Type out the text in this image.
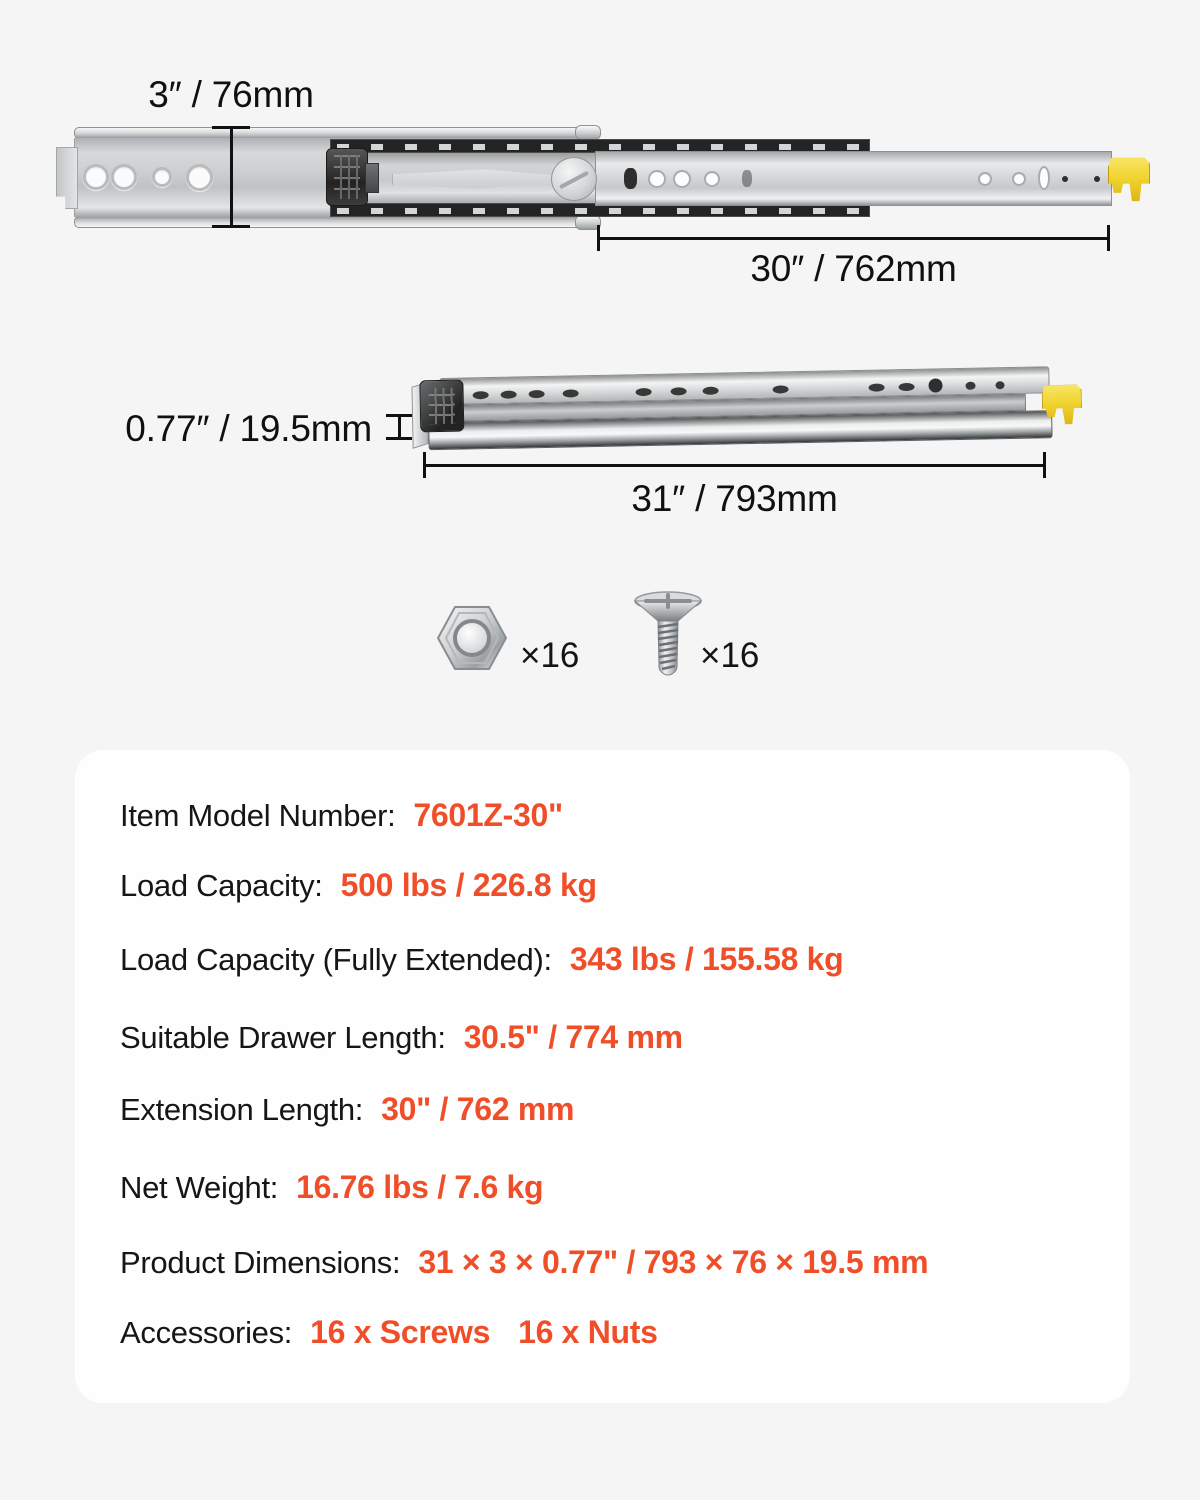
3″ / 76mm
30″ / 762mm
0.77″ / 19.5mm
31″ / 793mm
×16	×16
Item Model Number: 7601Z-30"
Load Capacity: 500 lbs / 226.8 kg
Load Capacity (Fully Extended): 343 lbs / 155.58 kg
Suitable Drawer Length: 30.5" / 774 mm
Extension Length: 30" / 762 mm
Net Weight: 16.76 lbs / 7.6 kg
Product Dimensions: 31 × 3 × 0.77" / 793 × 76 × 19.5 mm
Accessories: 16 x Screws 16 x Nuts
